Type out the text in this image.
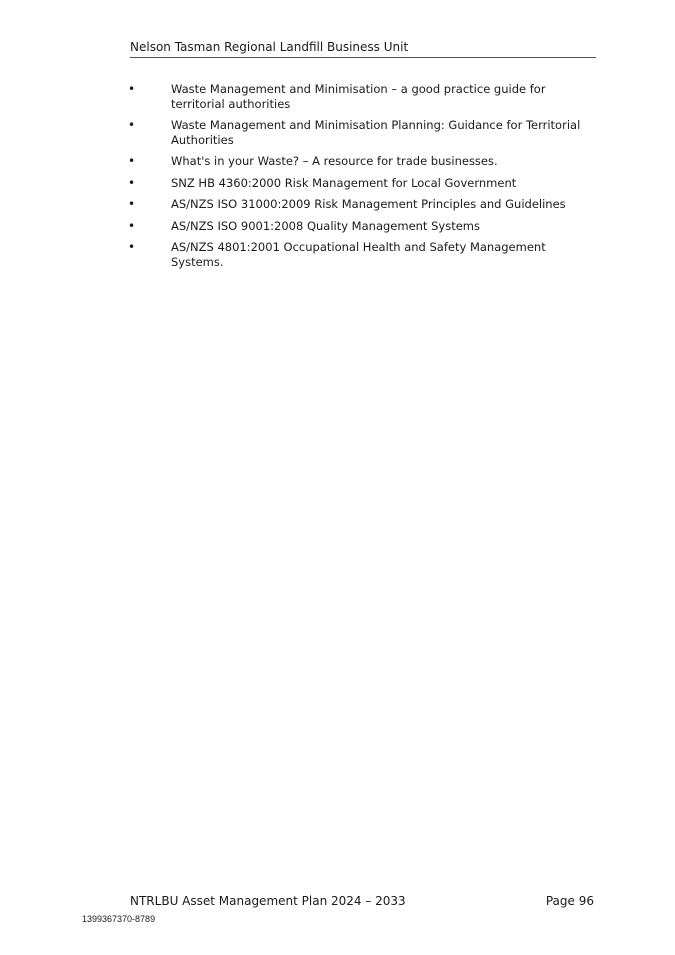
Nelson Tasman Regional Landfill Business Unit
•	Waste Management and Minimisation – a good practice guide for territorial authorities
•	Waste Management and Minimisation Planning: Guidance for Territorial Authorities
•	What's in your Waste? – A resource for trade businesses.
•	SNZ HB 4360:2000 Risk Management for Local Government
•	AS/NZS ISO 31000:2009 Risk Management Principles and Guidelines
•	AS/NZS ISO 9001:2008 Quality Management Systems
•	AS/NZS 4801:2001 Occupational Health and Safety Management Systems.
NTRLBU Asset Management Plan 2024 – 2033	Page 96
1399367370-8789
